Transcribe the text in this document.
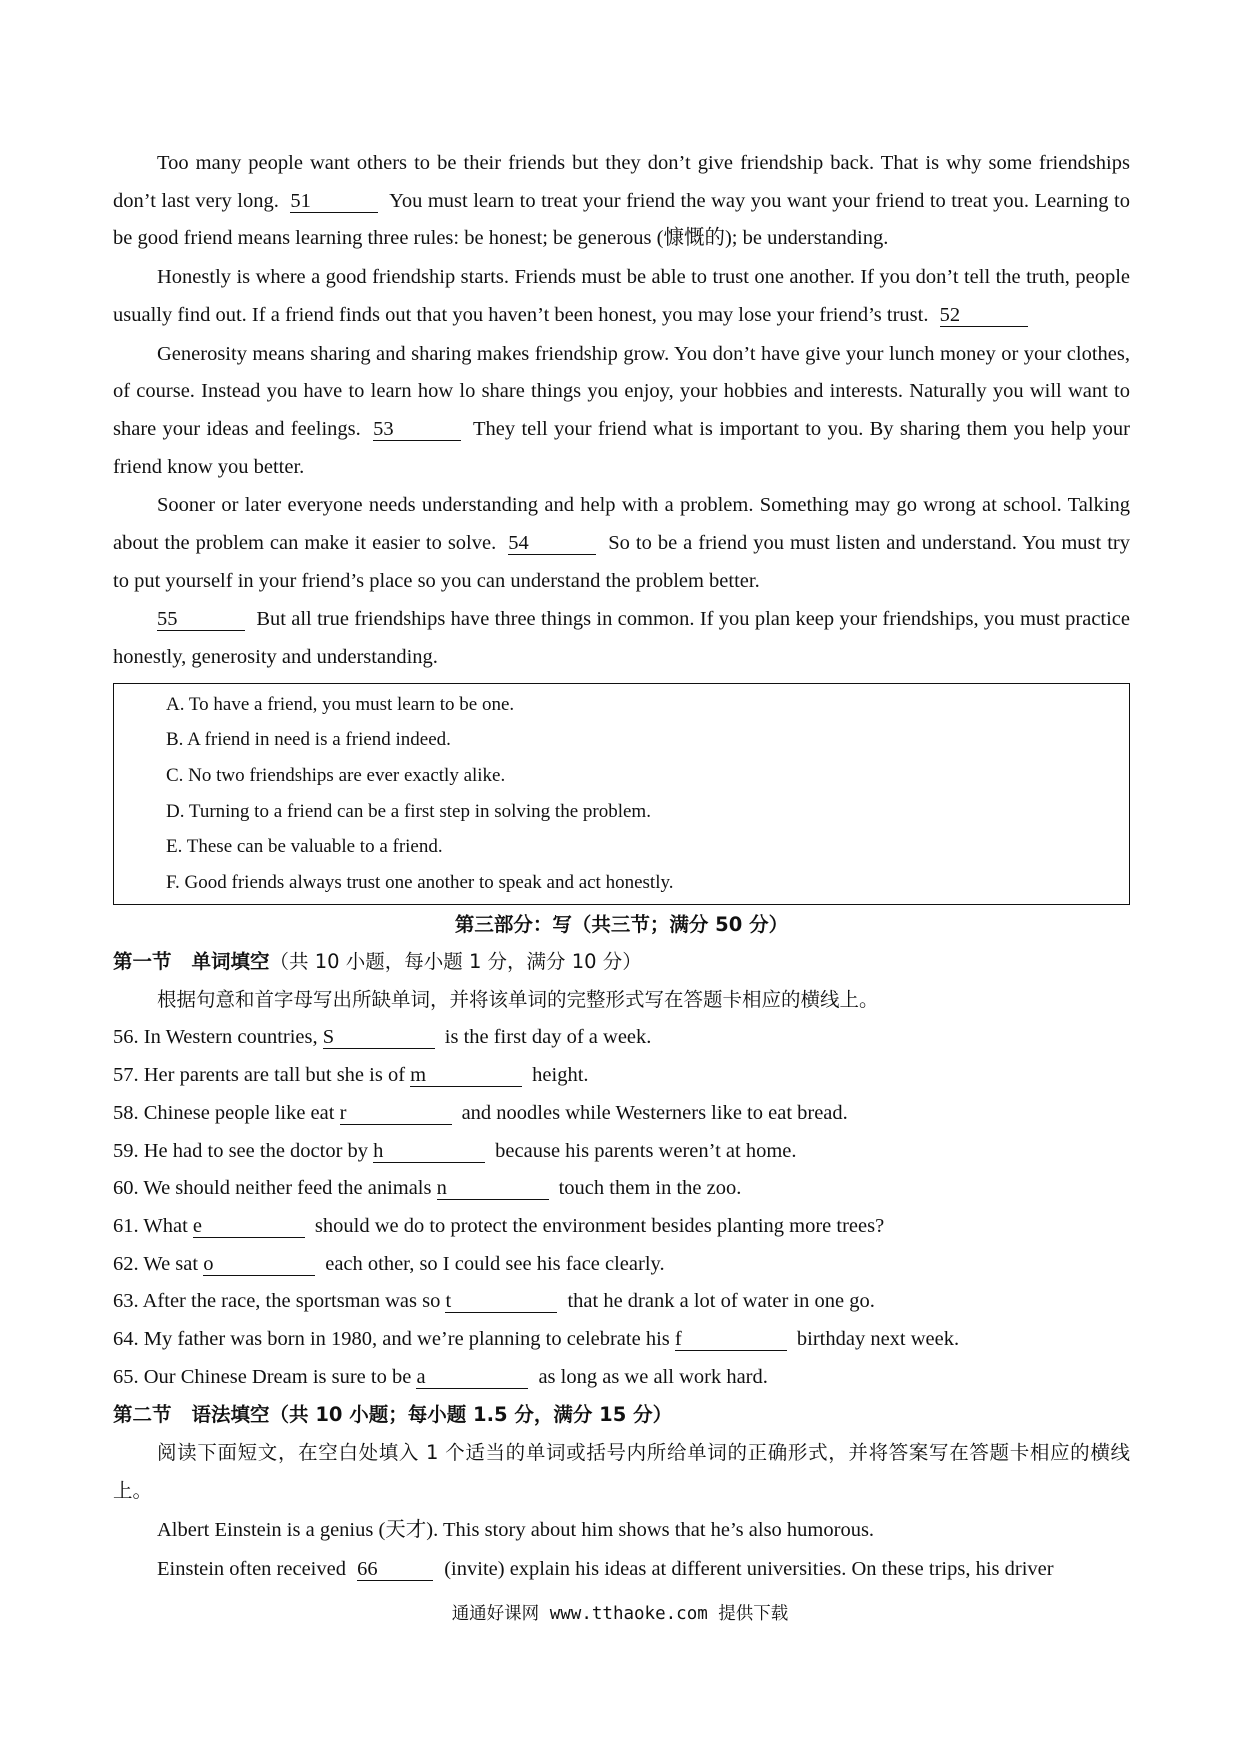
Too many people want others to be their friends but they don’t give friendship back. That is why some friendships don’t last very long. 51	You must learn to treat your friend the way you want your friend to treat you. Learning to be good friend means learning three rules: be honest; be generous (慷慨的); be understanding.

Honestly is where a good friendship starts. Friends must be able to trust one another. If you don’t tell the truth, people usually find out. If a friend finds out that you haven’t been honest, you may lose your friend’s trust. 52

Generosity means sharing and sharing makes friendship grow. You don’t have give your lunch money or your clothes, of course. Instead you have to learn how lo share things you enjoy, your hobbies and interests. Naturally you will want to share your ideas and feelings. 53	They tell your friend what is important to you. By sharing them you help your friend know you better.

Sooner or later everyone needs understanding and help with a problem. Something may go wrong at school. Talking about the problem can make it easier to solve. 54	So to be a friend you must listen and understand. You must try to put yourself in your friend’s place so you can understand the problem better.

55	But all true friendships have three things in common. If you plan keep your friendships, you must practice honestly, generosity and understanding.

A. To have a friend, you must learn to be one.
B. A friend in need is a friend indeed.
C. No two friendships are ever exactly alike.
D. Turning to a friend can be a first step in solving the problem.
E. These can be valuable to a friend.
F. Good friends always trust one another to speak and act honestly.
第三部分：写（共三节；满分 50 分）
第一节 单词填空（共 10 小题，每小题 1 分，满分 10 分）
根据句意和首字母写出所缺单词，并将该单词的完整形式写在答题卡相应的横线上。
56. In Western countries, S	is the first day of a week.
57. Her parents are tall but she is of m	height.
58. Chinese people like eat r	and noodles while Westerners like to eat bread.
59. He had to see the doctor by h	because his parents weren’t at home.
60. We should neither feed the animals n	touch them in the zoo.
61. What e	should we do to protect the environment besides planting more trees?
62. We sat o	each other, so I could see his face clearly.
63. After the race, the sportsman was so t	that he drank a lot of water in one go.
64. My father was born in 1980, and we’re planning to celebrate his f	birthday next week.
65. Our Chinese Dream is sure to be a	as long as we all work hard.
第二节 语法填空（共 10 小题；每小题 1.5 分，满分 15 分）
阅读下面短文，在空白处填入 1 个适当的单词或括号内所给单词的正确形式，并将答案写在答题卡相应的横线上。

Albert Einstein is a genius (天才). This story about him shows that he’s also humorous.

Einstein often received 66	(invite) explain his ideas at different universities. On these trips, his driver

通通好课网 www.tthaoke.com 提供下载
